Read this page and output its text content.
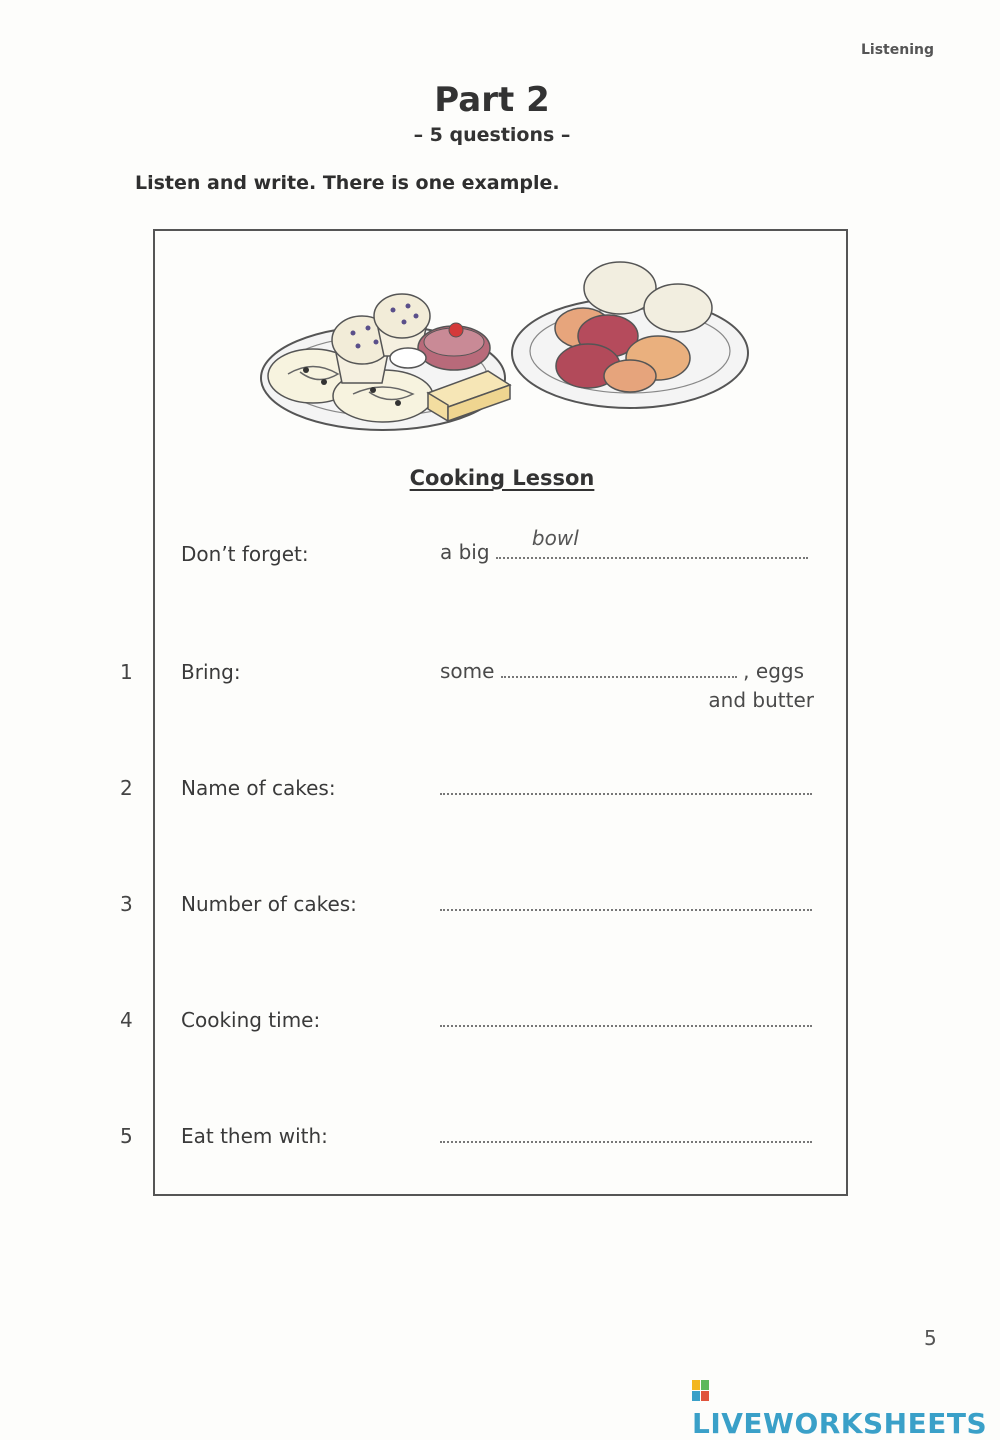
Listening
Part 2
– 5 questions –
Listen and write. There is one example.
Cooking Lesson
Don’t forget:	a big
bowl
1 Bring:	some	, eggs
and butter
2 Name of cakes:
3 Number of cakes:
4 Cooking time:
5 Eat them with:
5
LIVEWORKSHEETS
